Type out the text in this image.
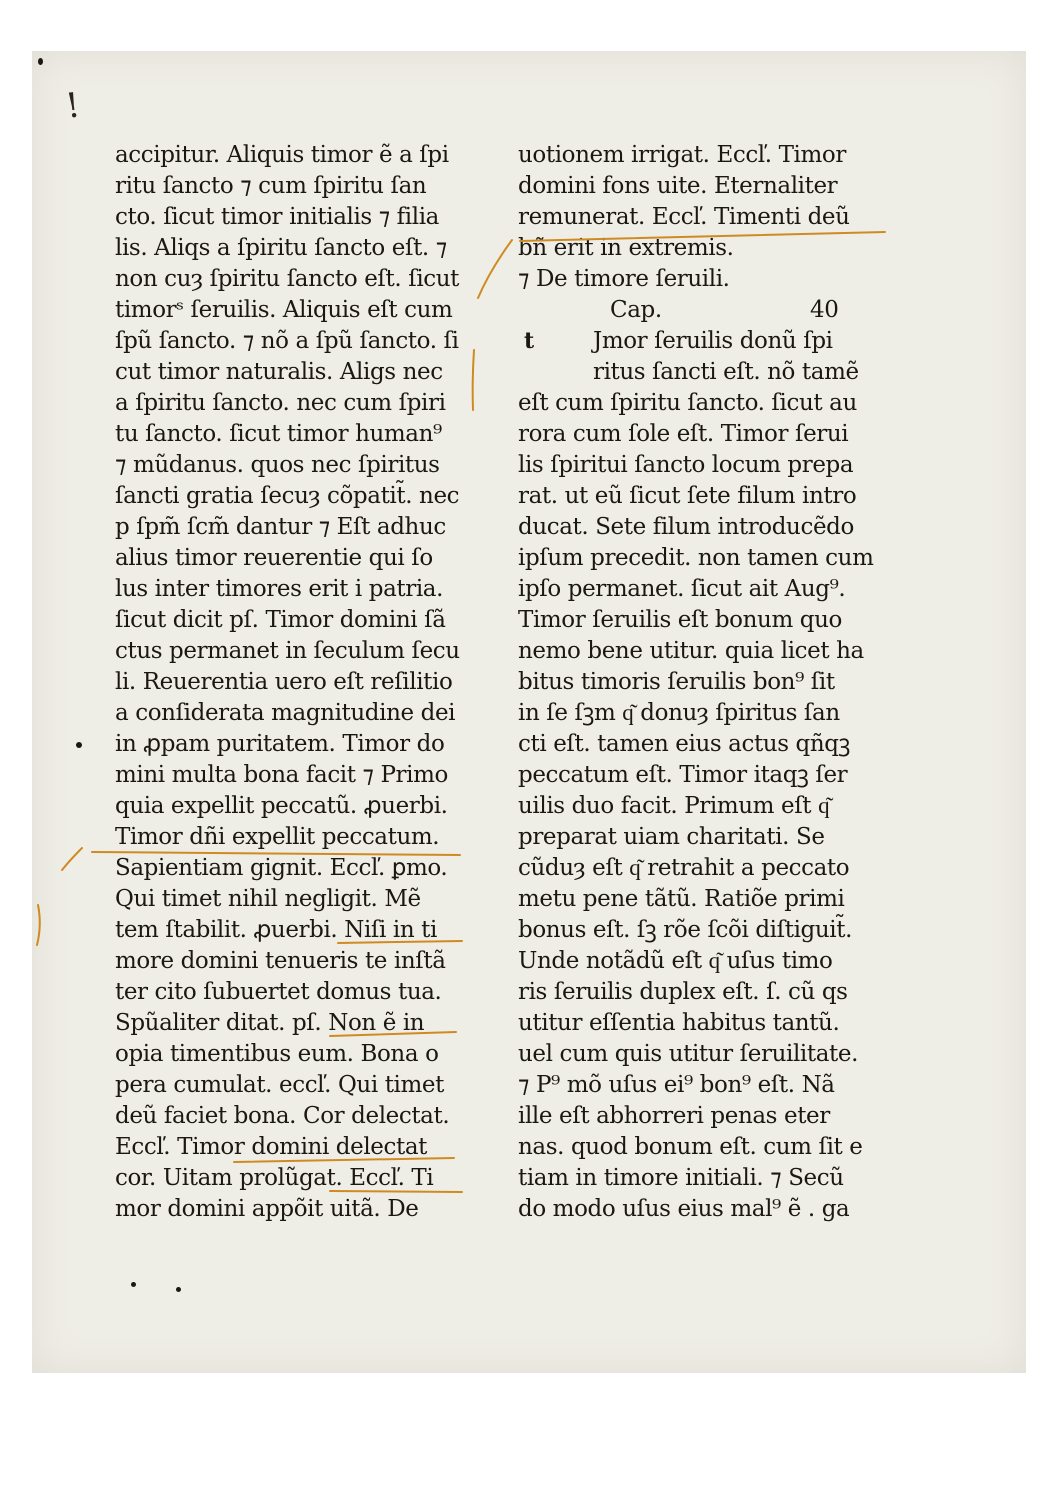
!
accipitur. Aliquis timor ẽ a ſpi
ritu ſancto ⁊ cum ſpiritu ſan
cto. ſicut timor initialis ⁊ filia
lis. Aliqs a ſpiritu ſancto eſt. ⁊
non cuȝ ſpiritu ſancto eſt. ſicut
timorˢ ſeruilis. Aliquis eſt cum
ſpũ ſancto. ⁊ nõ a ſpũ ſancto. ſi
cut timor naturalis. Aligs nec
a ſpiritu ſancto. nec cum ſpiri
tu ſancto. ſicut timor human⁹
⁊ mũdanus. quos nec ſpiritus
ſancti gratia ſecuȝ cõpatit̃. nec
p ſpm̃ ſcm̃ dantur ⁊ Eſt adhuc
alius timor reuerentie qui ſo
lus inter timores erit i patria.
ſicut dicit pſ. Timor domini ſã
ctus permanet in ſeculum ſecu
li. Reuerentia uero eſt reſilitio
a conſiderata magnitudine dei
in ꝓpam puritatem. Timor do
mini multa bona facit ⁊ Primo
quia expellit peccatũ. ꝓuerbi.
Timor dñi expellit peccatum.
Sapientiam gignit. Eccľ. ꝑmo.
Qui timet nihil negligit. Mẽ
tem ſtabilit. ꝓuerbi. Niſi in ti
more domini tenueris te inſtã
ter cito ſubuertet domus tua.
Spũaliter ditat. pſ. Non ẽ in
opia timentibus eum. Bona o
pera cumulat. eccľ. Qui timet
deũ faciet bona. Cor delectat.
Eccľ. Timor domini delectat
cor. Uitam prolũgat. Eccľ. Ti
mor domini appõit uitã. De
uotionem irrigat. Eccľ. Timor
domini fons uite. Eternaliter
remunerat. Eccľ. Timenti deũ
bñ erit in extremis.
⁊ De timore ſeruili.
Cap.	40
Jmor ſeruilis donũ ſpi
ritus ſancti eſt. nõ tamẽ
eſt cum ſpiritu ſancto. ſicut au
rora cum ſole eſt. Timor ſerui
lis ſpiritui ſancto locum prepa
rat. ut eũ ſicut ſete filum intro
ducat. Sete filum introducẽdo
ipſum precedit. non tamen cum
ipſo permanet. ſicut ait Aug⁹.
Timor ſeruilis eſt bonum quo
nemo bene utitur. quia licet ha
bitus timoris ſeruilis bon⁹ ſit
in ſe ſꝫm q͂ donuȝ ſpiritus ſan
cti eſt. tamen eius actus qñqꝫ
peccatum eſt. Timor itaqꝫ ſer
uilis duo facit. Primum eſt q͂
preparat uiam charitati. Se
cũduȝ eſt q͂ retrahit a peccato
metu pene tãtũ. Ratiõe primi
bonus eſt. ſꝫ rõe ſcõi diſtiguit̃.
Unde notãdũ eſt q͂ uſus timo
ris ſeruilis duplex eſt. ſ. cũ qs
utitur eſſentia habitus tantũ.
uel cum quis utitur ſeruilitate.
⁊ P⁹ mõ uſus ei⁹ bon⁹ eſt. Nã
ille eſt abhorreri penas eter
nas. quod bonum eſt. cum ſit e
tiam in timore initiali. ⁊ Secũ
do modo uſus eius mal⁹ ẽ . ga
t
